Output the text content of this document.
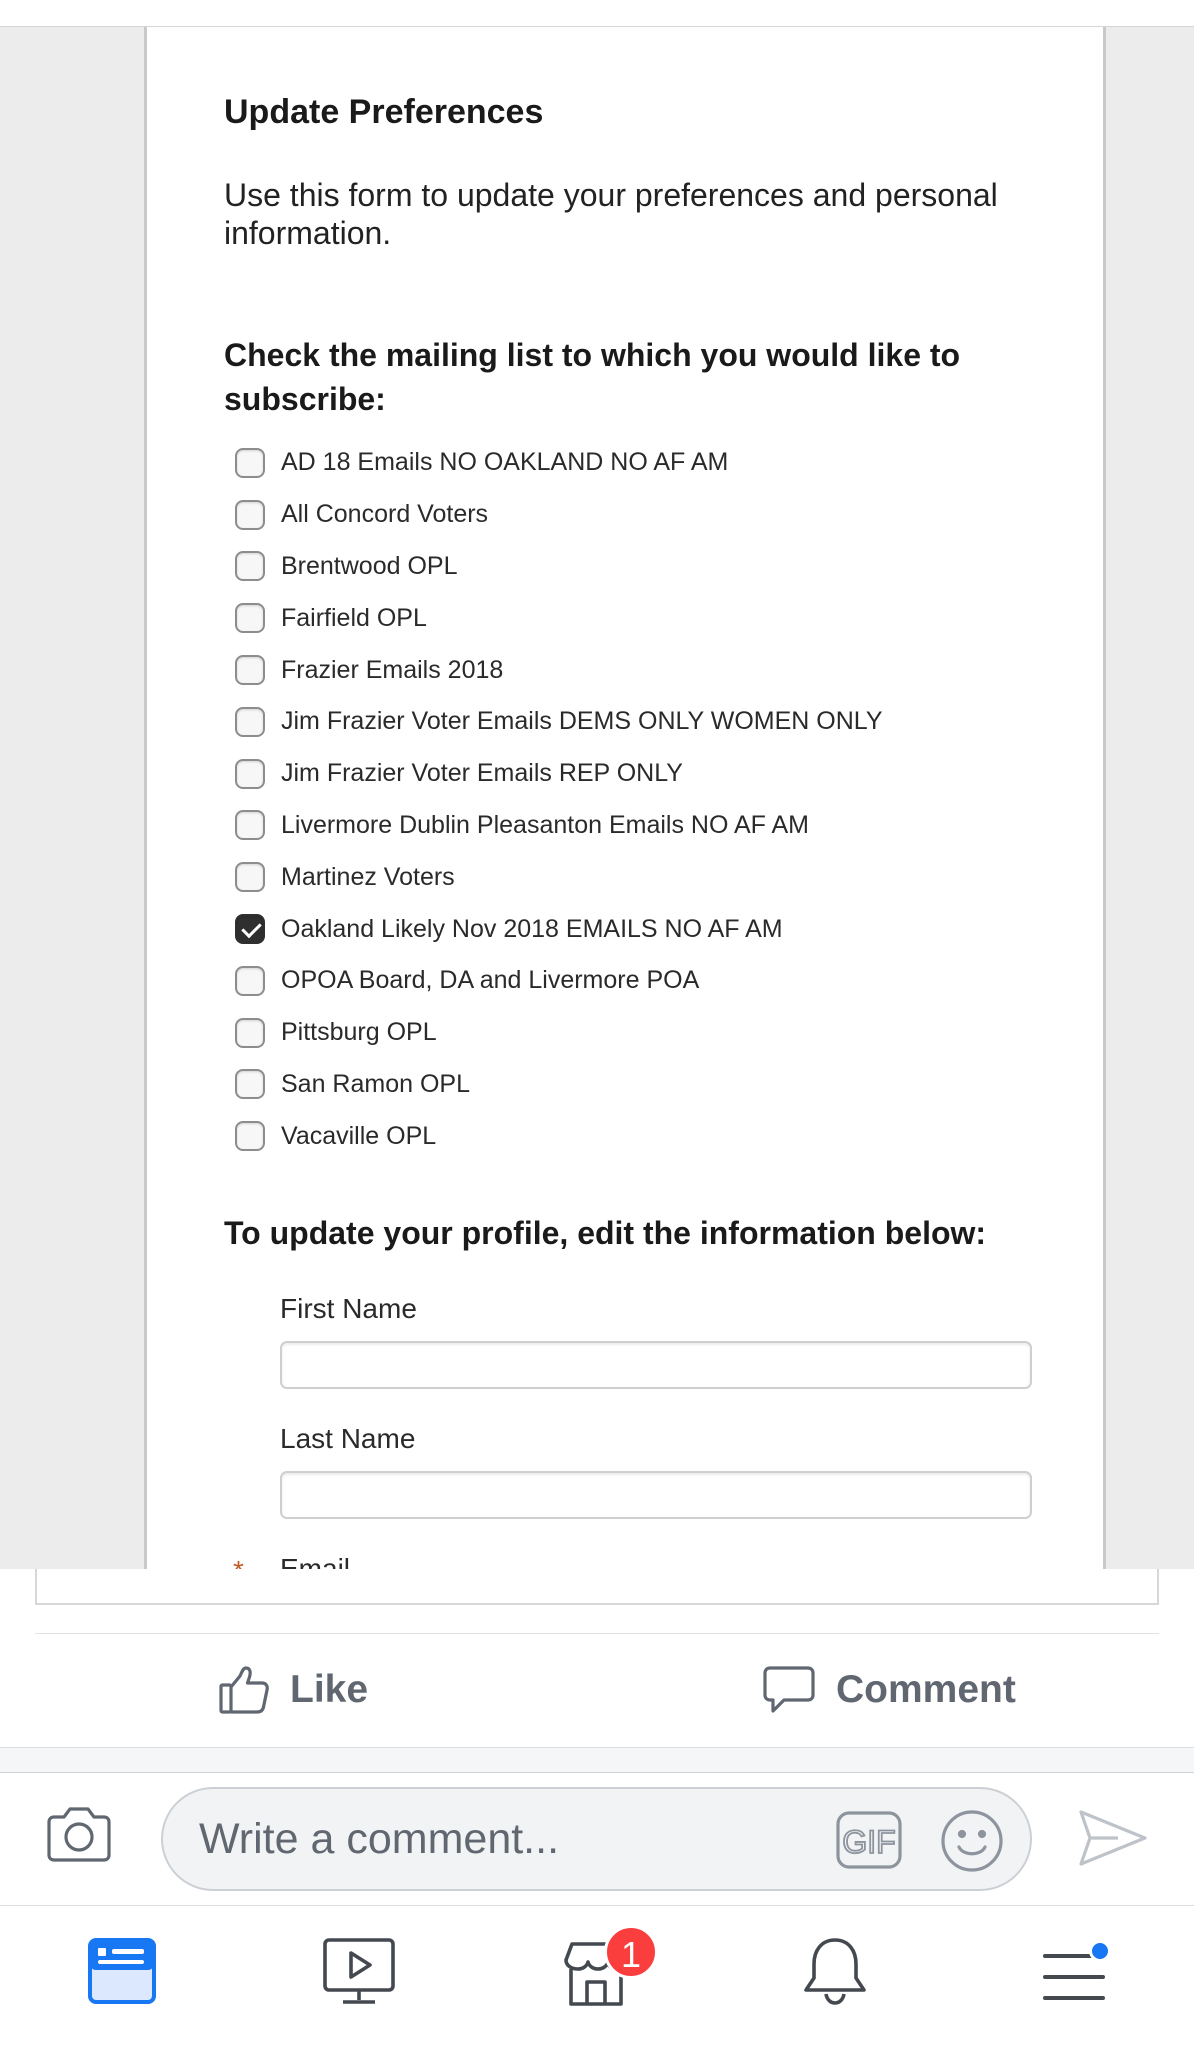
Update Preferences
Use this form to update your preferences and personal information.
Check the mailing list to which you would like to subscribe:
AD 18 Emails NO OAKLAND NO AF AM
All Concord Voters
Brentwood OPL
Fairfield OPL
Frazier Emails 2018
Jim Frazier Voter Emails DEMS ONLY WOMEN ONLY
Jim Frazier Voter Emails REP ONLY
Livermore Dublin Pleasanton Emails NO AF AM
Martinez Voters
Oakland Likely Nov 2018 EMAILS NO AF AM
OPOA Board, DA and Livermore POA
Pittsburg OPL
San Ramon OPL
Vacaville OPL
To update your profile, edit the information below:
First Name
Last Name
Like	Comment
Write a comment...
GIF
1
